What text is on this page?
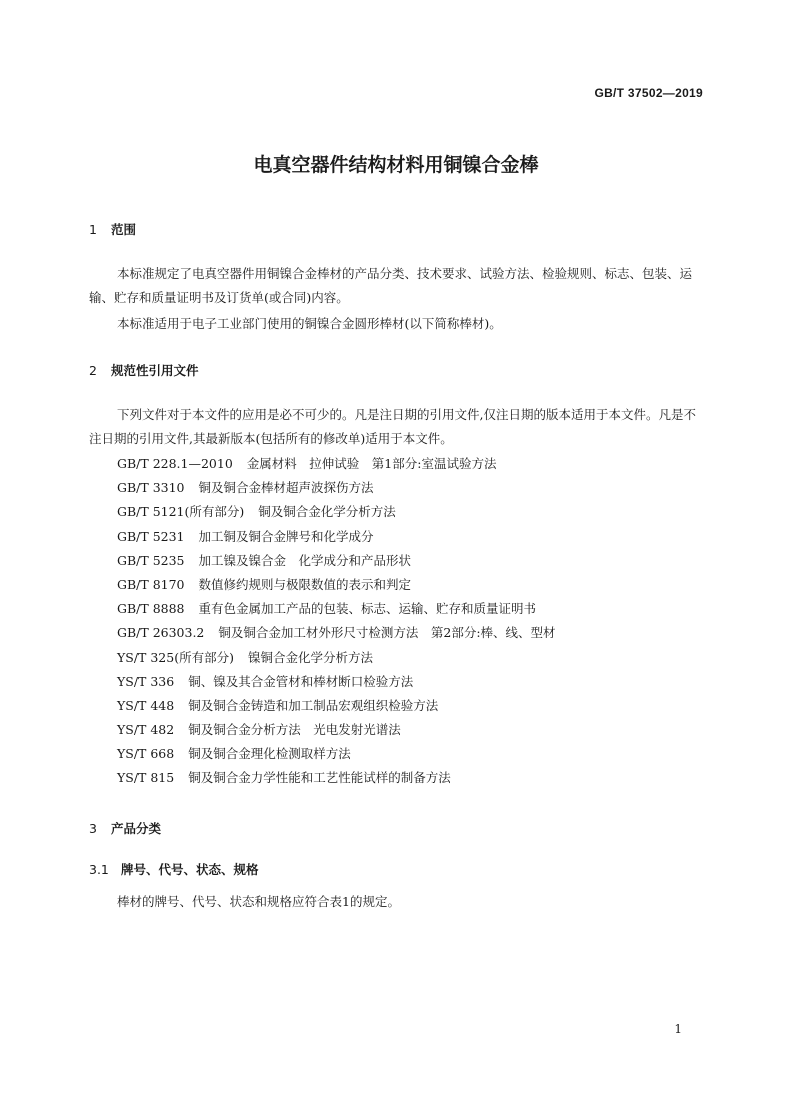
GB/T 37502—2019
电真空器件结构材料用铜镍合金棒
1 范围
本标准规定了电真空器件用铜镍合金棒材的产品分类、技术要求、试验方法、检验规则、标志、包装、运输、贮存和质量证明书及订货单(或合同)内容。
本标准适用于电子工业部门使用的铜镍合金圆形棒材(以下简称棒材)。
2 规范性引用文件
下列文件对于本文件的应用是必不可少的。凡是注日期的引用文件,仅注日期的版本适用于本文件。凡是不注日期的引用文件,其最新版本(包括所有的修改单)适用于本文件。
GB/T 228.1—2010 金属材料　拉伸试验　第1部分:室温试验方法
GB/T 3310 铜及铜合金棒材超声波探伤方法
GB/T 5121(所有部分) 铜及铜合金化学分析方法
GB/T 5231 加工铜及铜合金牌号和化学成分
GB/T 5235 加工镍及镍合金　化学成分和产品形状
GB/T 8170 数值修约规则与极限数值的表示和判定
GB/T 8888 重有色金属加工产品的包装、标志、运输、贮存和质量证明书
GB/T 26303.2 铜及铜合金加工材外形尺寸检测方法　第2部分:棒、线、型材
YS/T 325(所有部分) 镍铜合金化学分析方法
YS/T 336 铜、镍及其合金管材和棒材断口检验方法
YS/T 448 铜及铜合金铸造和加工制品宏观组织检验方法
YS/T 482 铜及铜合金分析方法　光电发射光谱法
YS/T 668 铜及铜合金理化检测取样方法
YS/T 815 铜及铜合金力学性能和工艺性能试样的制备方法
3 产品分类
3.1 牌号、代号、状态、规格
棒材的牌号、代号、状态和规格应符合表1的规定。
1
